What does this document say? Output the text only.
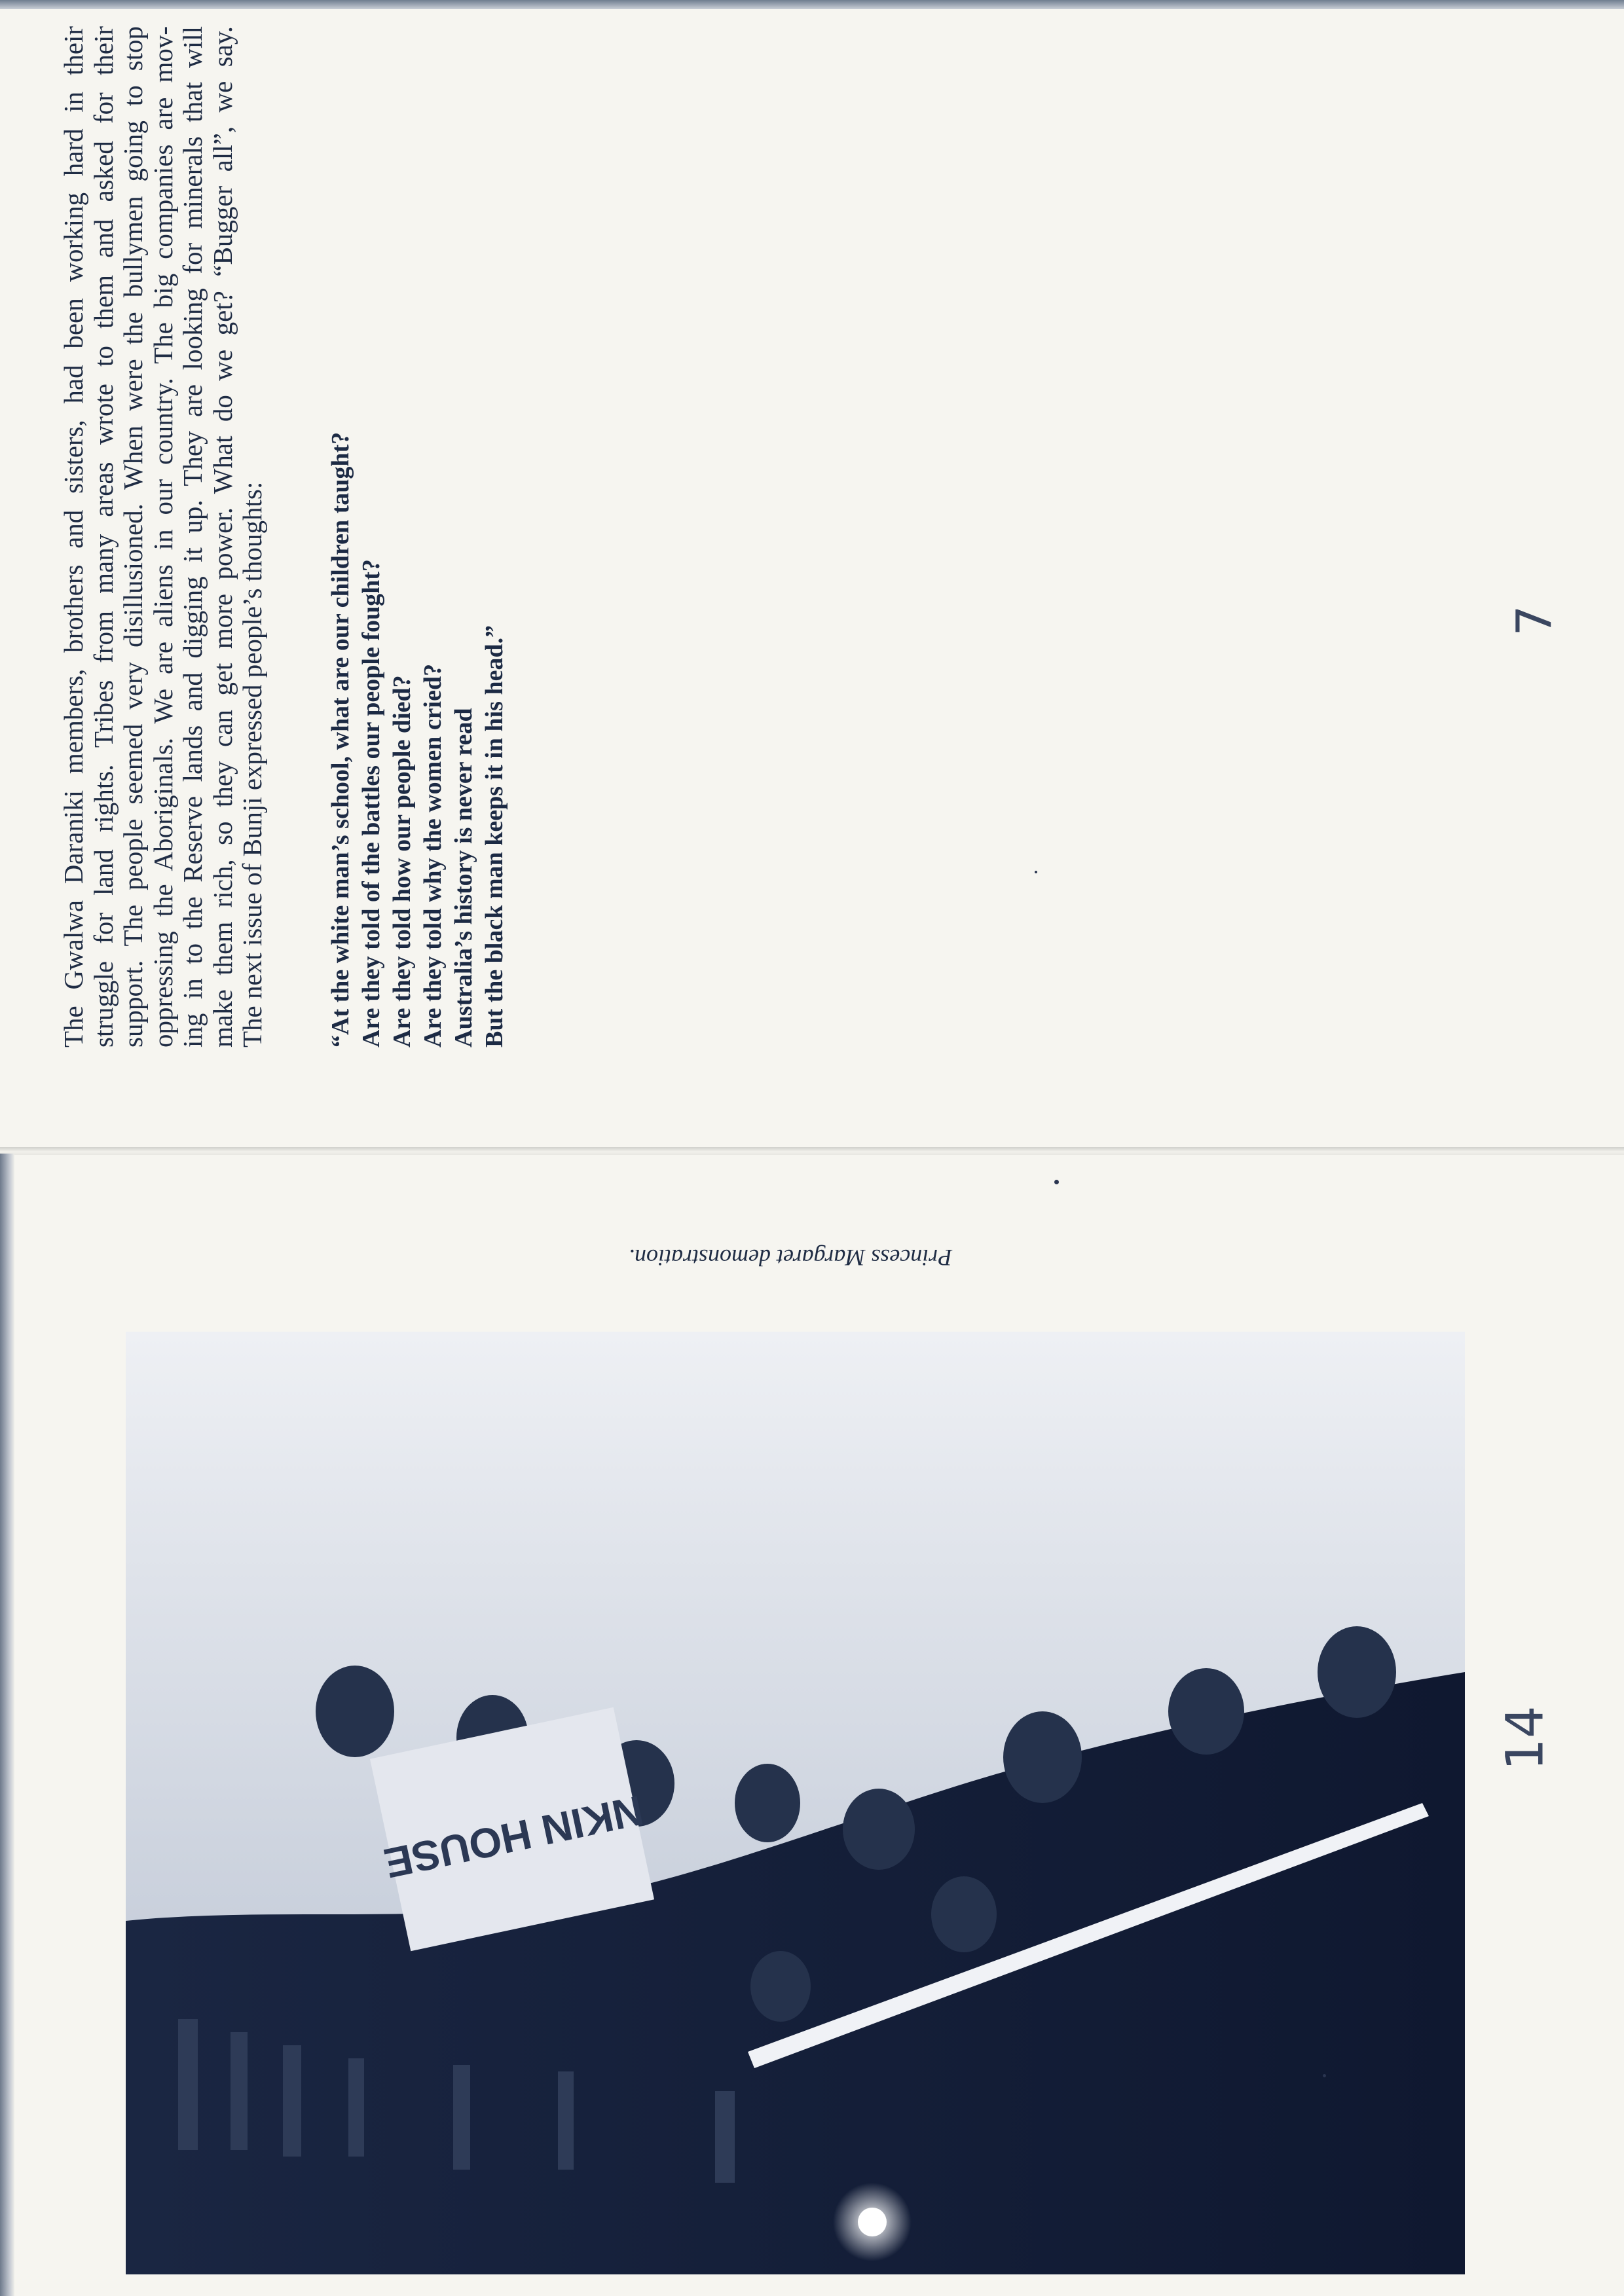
The Gwalwa Daraniki members, brothers and sisters, had been working hard in their struggle for land rights. Tribes from many areas wrote to them and asked for their support. The people seemed very disillusioned. When were the bullymen going to stop oppressing the Aboriginals. We are aliens in our country. The big companies are mov- ing in to the Reserve lands and digging it up. They are looking for minerals that will make them rich, so they can get more power. What do we get? “Bugger all”, we say. The next issue of Bunji expressed people’s thoughts: “At the white man’s school, what are our children taught? Are they told of the battles our people fought? Are they told how our people died? Are they told why the women cried? Australia’s history is never read But the black man keeps it in his head.”
7
Princess Margaret demonstration.
NKIN HOUSE
14
